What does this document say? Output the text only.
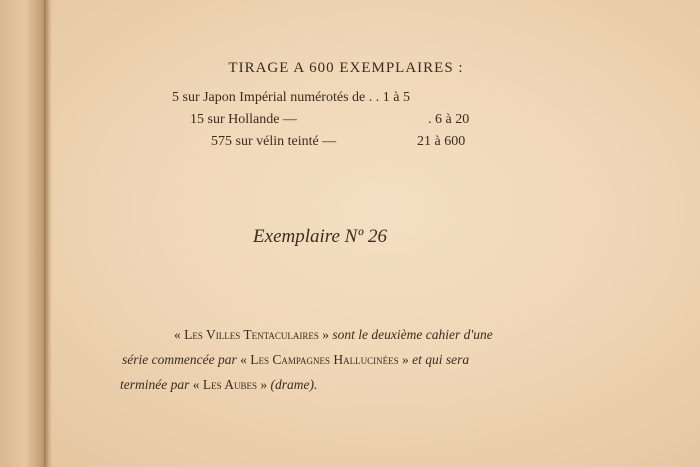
TIRAGE A 600 EXEMPLAIRES :
5 sur Japon Impérial numérotés de . . 1 à 5
15 sur Hollande —	. 6 à 20
575 sur vélin teinté —	21 à 600
Exemplaire Nº 26
« Les Villes Tentaculaires » sont le deuxième cahier d'une
série commencée par « Les Campagnes Hallucinées » et qui sera
terminée par « Les Aubes » (drame).
